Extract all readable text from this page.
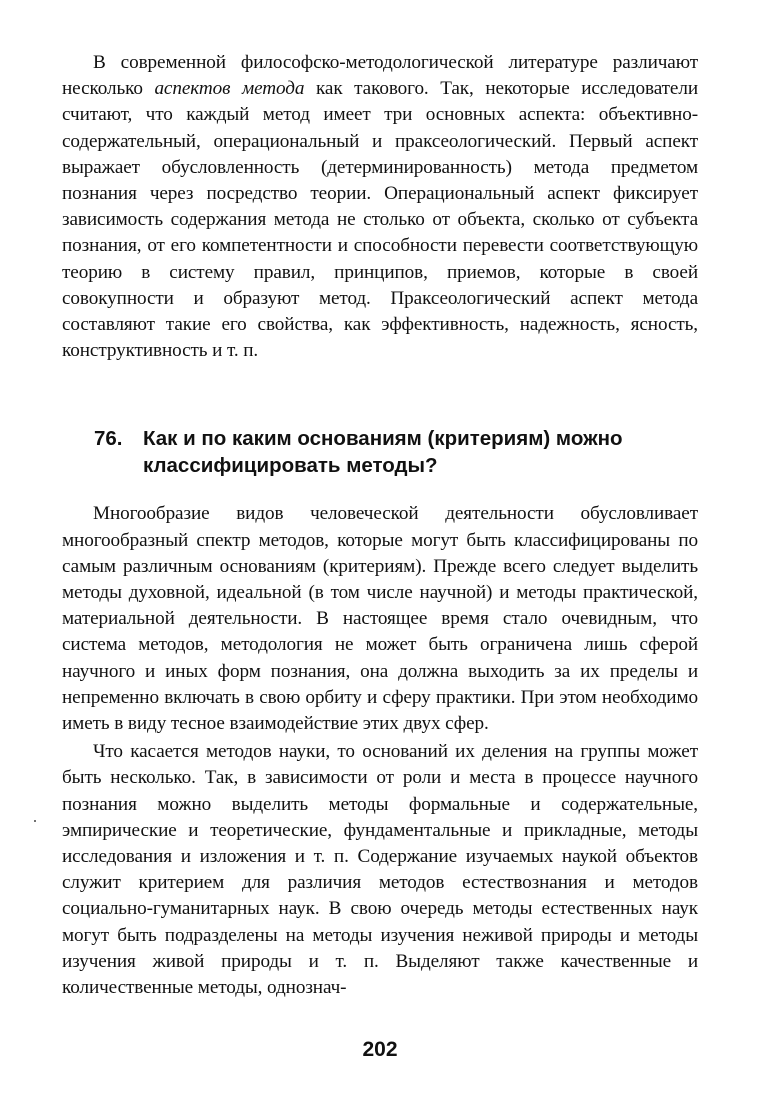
В современной философско-методологической литературе различают несколько аспектов метода как такового. Так, некоторые исследователи считают, что каждый метод имеет три основных аспекта: объективно-содержательный, операциональный и праксеологический. Первый аспект выражает обусловленность (детерминированность) метода предметом познания через посредство теории. Операциональный аспект фиксирует зависимость содержания метода не столько от объекта, сколько от субъекта познания, от его компетентности и способности перевести соответствующую теорию в систему правил, принципов, приемов, которые в своей совокупности и образуют метод. Праксеологический аспект метода составляют такие его свойства, как эффективность, надежность, ясность, конструктивность и т. п.

76.	Как и по каким основаниям (критериям) можно классифицировать методы?

Многообразие видов человеческой деятельности обусловливает многообразный спектр методов, которые могут быть классифицированы по самым различным основаниям (критериям). Прежде всего следует выделить методы духовной, идеальной (в том числе научной) и методы практической, материальной деятельности. В настоящее время стало очевидным, что система методов, методология не может быть ограничена лишь сферой научного и иных форм познания, она должна выходить за их пределы и непременно включать в свою орбиту и сферу практики. При этом необходимо иметь в виду тесное взаимодействие этих двух сфер.

Что касается методов науки, то оснований их деления на группы может быть несколько. Так, в зависимости от роли и места в процессе научного познания можно выделить методы формальные и содержательные, эмпирические и теоретические, фундаментальные и прикладные, методы исследования и изложения и т. п. Содержание изучаемых наукой объектов служит критерием для различия методов естествознания и методов социально-гуманитарных наук. В свою очередь методы естественных наук могут быть подразделены на методы изучения неживой природы и методы изучения живой природы и т. п. Выделяют также качественные и количественные методы, однознач-

202
